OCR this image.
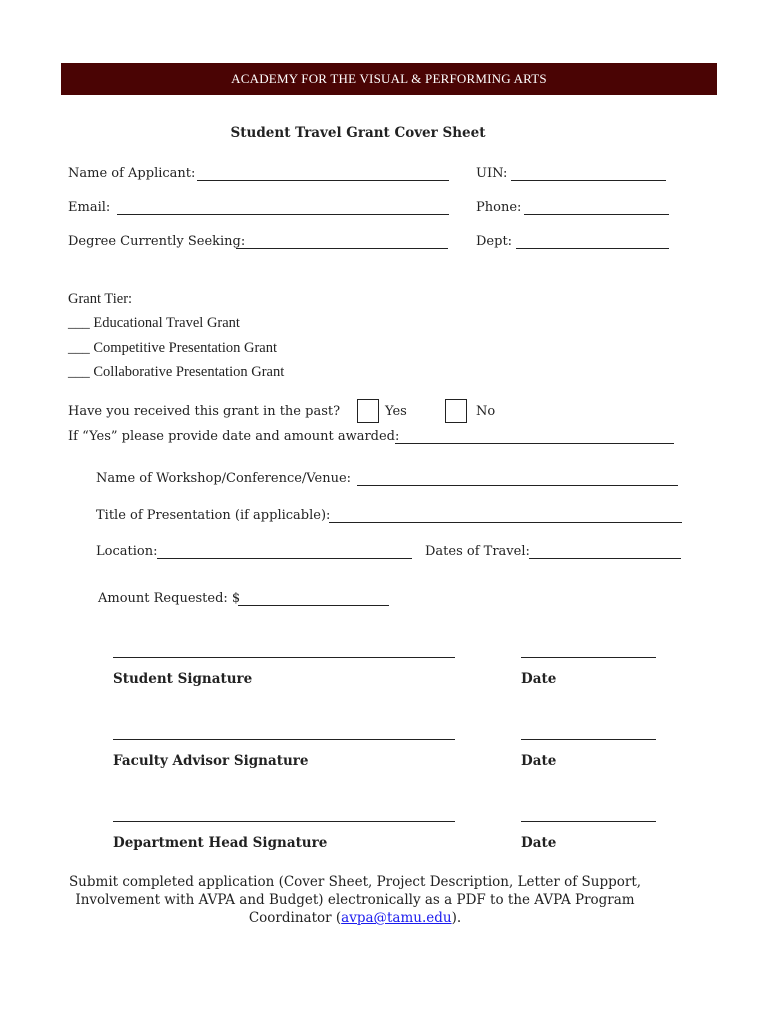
ACADEMY FOR THE VISUAL & PERFORMING ARTS
Student Travel Grant Cover Sheet
Name of Applicant:	UIN:
Email:	Phone:
Degree Currently Seeking:	Dept:
Grant Tier:
___ Educational Travel Grant
___ Competitive Presentation Grant
___ Collaborative Presentation Grant
Have you received this grant in the past?	Yes	No
If “Yes” please provide date and amount awarded:
Name of Workshop/Conference/Venue:
Title of Presentation (if applicable):
Location:	Dates of Travel:
Amount Requested: $
Student Signature	Date
Faculty Advisor Signature	Date
Department Head Signature	Date
Submit completed application (Cover Sheet, Project Description, Letter of Support,
Involvement with AVPA and Budget) electronically as a PDF to the AVPA Program
Coordinator (avpa@tamu.edu).
